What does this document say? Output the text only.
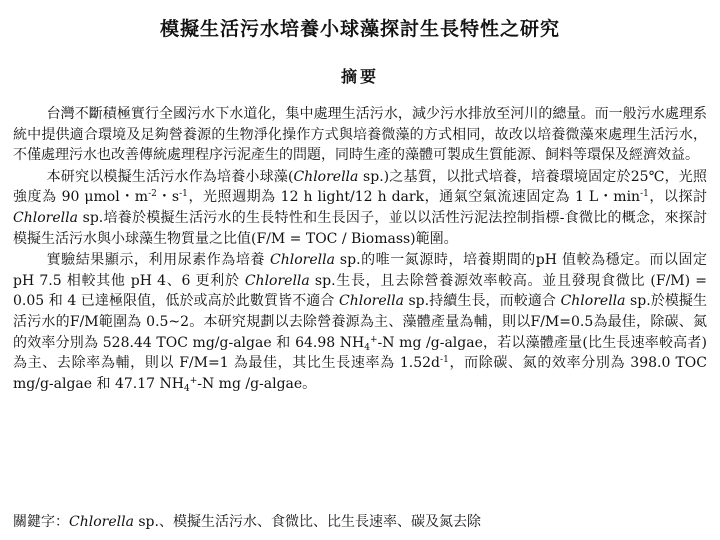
模擬生活污水培養小球藻探討生長特性之研究
摘要

台灣不斷積極實行全國污水下水道化，集中處理生活污水，減少污水排放至河川的總量。而一般污水處理系統中提供適合環境及足夠營養源的生物淨化操作方式與培養微藻的方式相同，故改以培養微藻來處理生活污水，不僅處理污水也改善傳統處理程序污泥產生的問題，同時生產的藻體可製成生質能源、飼料等環保及經濟效益。

本研究以模擬生活污水作為培養小球藻(Chlorella sp.)之基質，以批式培養，培養環境固定於25℃，光照強度為 90 μmol・$m^{-2}$・$s^{-1}$，光照週期為 12 h light/12 h dark，通氣空氣流速固定為 1 L・$\min^{-1}$，以探討 Chlorella sp.培養於模擬生活污水的生長特性和生長因子，並以以活性污泥法控制指標-食微比的概念，來探討模擬生活污水與小球藻生物質量之比值(F/M = TOC / Biomass)範圍。

實驗結果顯示，利用尿素作為培養 Chlorella sp.的唯一氮源時，培養期間的pH 值較為穩定。而以固定 pH 7.5 相較其他 pH 4、6 更利於 Chlorella sp.生長，且去除營養源效率較高。並且發現食微比 (F/M) = 0.05 和 4 已達極限值，低於或高於此數質皆不適合 Chlorella sp.持續生長，而較適合 Chlorella sp.於模擬生活污水的F/M範圍為 0.5~2。本研究規劃以去除營養源為主、藻體產量為輔，則以F/M=0.5為最佳，除碳、氮的效率分別為 528.44 TOC mg/g-algae 和 64.98 $NH_4^+-N$ mg /g-algae，若以藻體產量(比生長速率較高者)為主、去除率為輔，則以 F/M=1 為最佳，其比生長速率為 $1.52d^{-1}$，而除碳、氮的效率分別為 398.0 TOC mg/g-algae 和 47.17 $NH_4^+-N$ mg /g-algae。

關鍵字：Chlorella sp.、模擬生活污水、食微比、比生長速率、碳及氮去除
